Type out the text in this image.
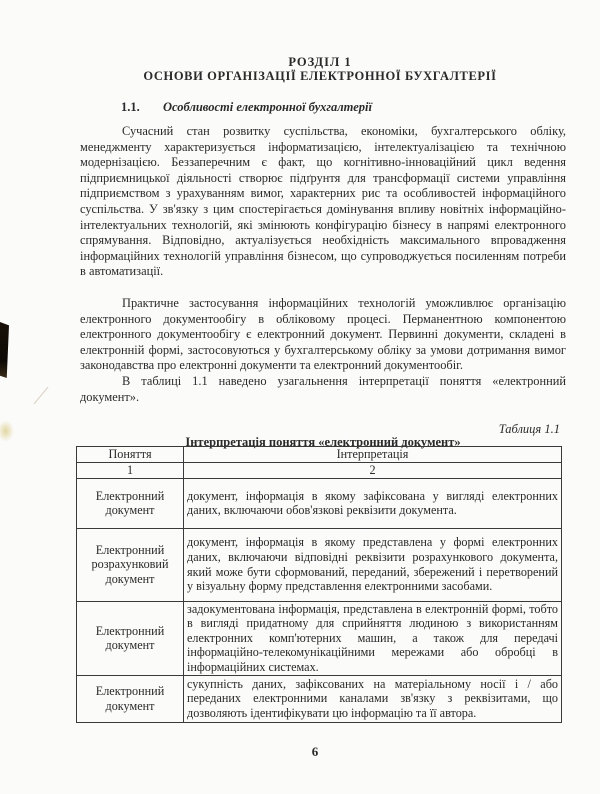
РОЗДІЛ 1
ОСНОВИ ОРГАНІЗАЦІЇ ЕЛЕКТРОННОЇ БУХГАЛТЕРІЇ
1.1. Особливості електронної бухгалтерії

Сучасний стан розвитку суспільства, економіки, бухгалтерського обліку, менеджменту характеризується інформатизацією, інтелектуалізацією та технічною модернізацією. Беззаперечним є факт, що когнітивно-інноваційний цикл ведення підприємницької діяльності створює підґрунтя для трансформації системи управління підприємством з урахуванням вимог, характерних рис та особливостей інформаційного суспільства. У зв'язку з цим спостерігається домінування впливу новітніх інформаційно-інтелектуальних технологій, які змінюють конфігурацію бізнесу в напрямі електронного спрямування. Відповідно, актуалізується необхідність максимального впровадження інформаційних технологій управління бізнесом, що супроводжується посиленням потреби в автоматизації.

Практичне застосування інформаційних технологій уможливлює організацію електронного документообігу в обліковому процесі. Перманентною компонентою електронного документообігу є електронний документ. Первинні документи, складені в електронній формі, застосовуються у бухгалтерському обліку за умови дотримання вимог законодавства про електронні документи та електронний документообіг.

В таблиці 1.1 наведено узагальнення інтерпретації поняття «електронний документ».

Таблиця 1.1
Інтерпретація поняття «електронний документ»
Поняття	Інтерпретація
1	2
Електронний документ	документ, інформація в якому зафіксована у вигляді електронних даних, включаючи обов'язкові реквізити документа.
Електронний розрахунковий документ	документ, інформація в якому представлена у формі електронних даних, включаючи відповідні реквізити розрахункового документа, який може бути сформований, переданий, збережений і перетворений у візуальну форму представлення електронними засобами.
Електронний документ	задокументована інформація, представлена в електронній формі, тобто в вигляді придатному для сприйняття людиною з використанням електронних комп'ютерних машин, а також для передачі інформаційно-телекомунікаційними мережами або обробці в інформаційних системах.
Електронний документ	сукупність даних, зафіксованих на матеріальному носії і / або переданих електронними каналами зв'язку з реквізитами, що дозволяють ідентифікувати цю інформацію та її автора.
6
